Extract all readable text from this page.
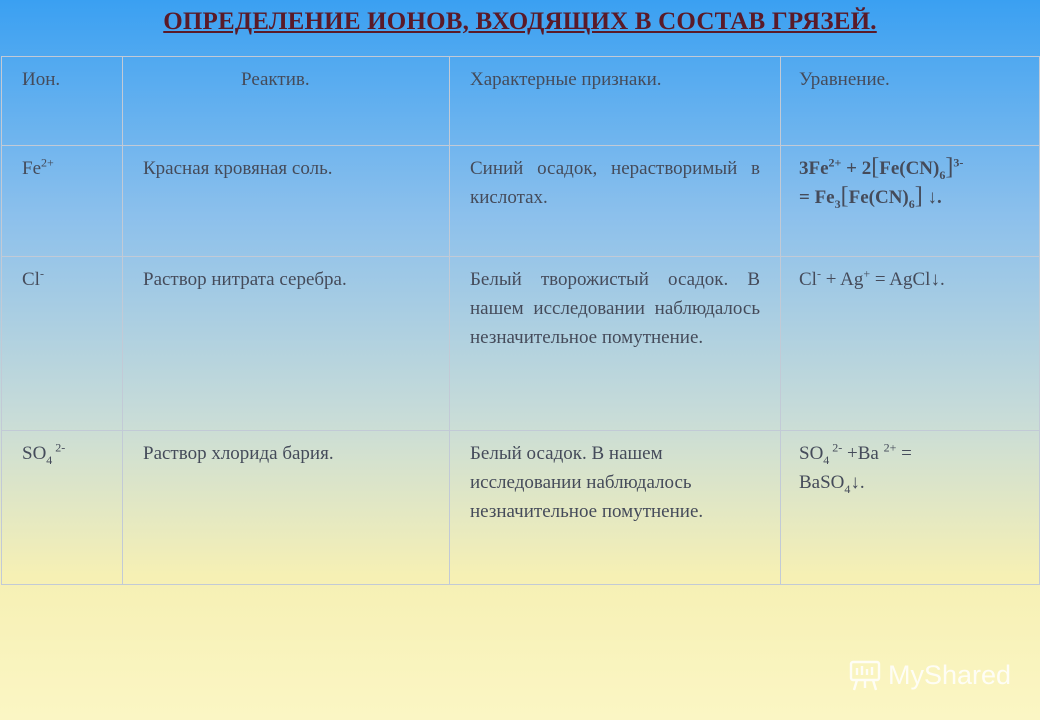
ОПРЕДЕЛЕНИЕ ИОНОВ, ВХОДЯЩИХ В СОСТАВ ГРЯЗЕЙ.
Ион.	Реактив.	Характерные признаки.	Уравнение.
$Fe^{2+}$	Красная кровяная соль.	Синий осадок, нерастворимый в кислотах.	$3Fe^{2+} + 2[Fe(CN)_6]^{3-}$
= $Fe_3[Fe(CN)_6]$ ↓.
Cl-	Раствор нитрата серебра.	Белый творожистый осадок. В нашем исследовании наблюдалось незначительное помутнение.	Cl- + Ag+ = AgCl↓.
$SO_4$ $^{2-}$	Раствор хлорида бария.	Белый осадок. В нашем исследовании наблюдалось незначительное помутнение.	$SO_4$ $^{2-}$ +Ba $^{2+}$ =
BaSO$_4$↓.
MyShared
